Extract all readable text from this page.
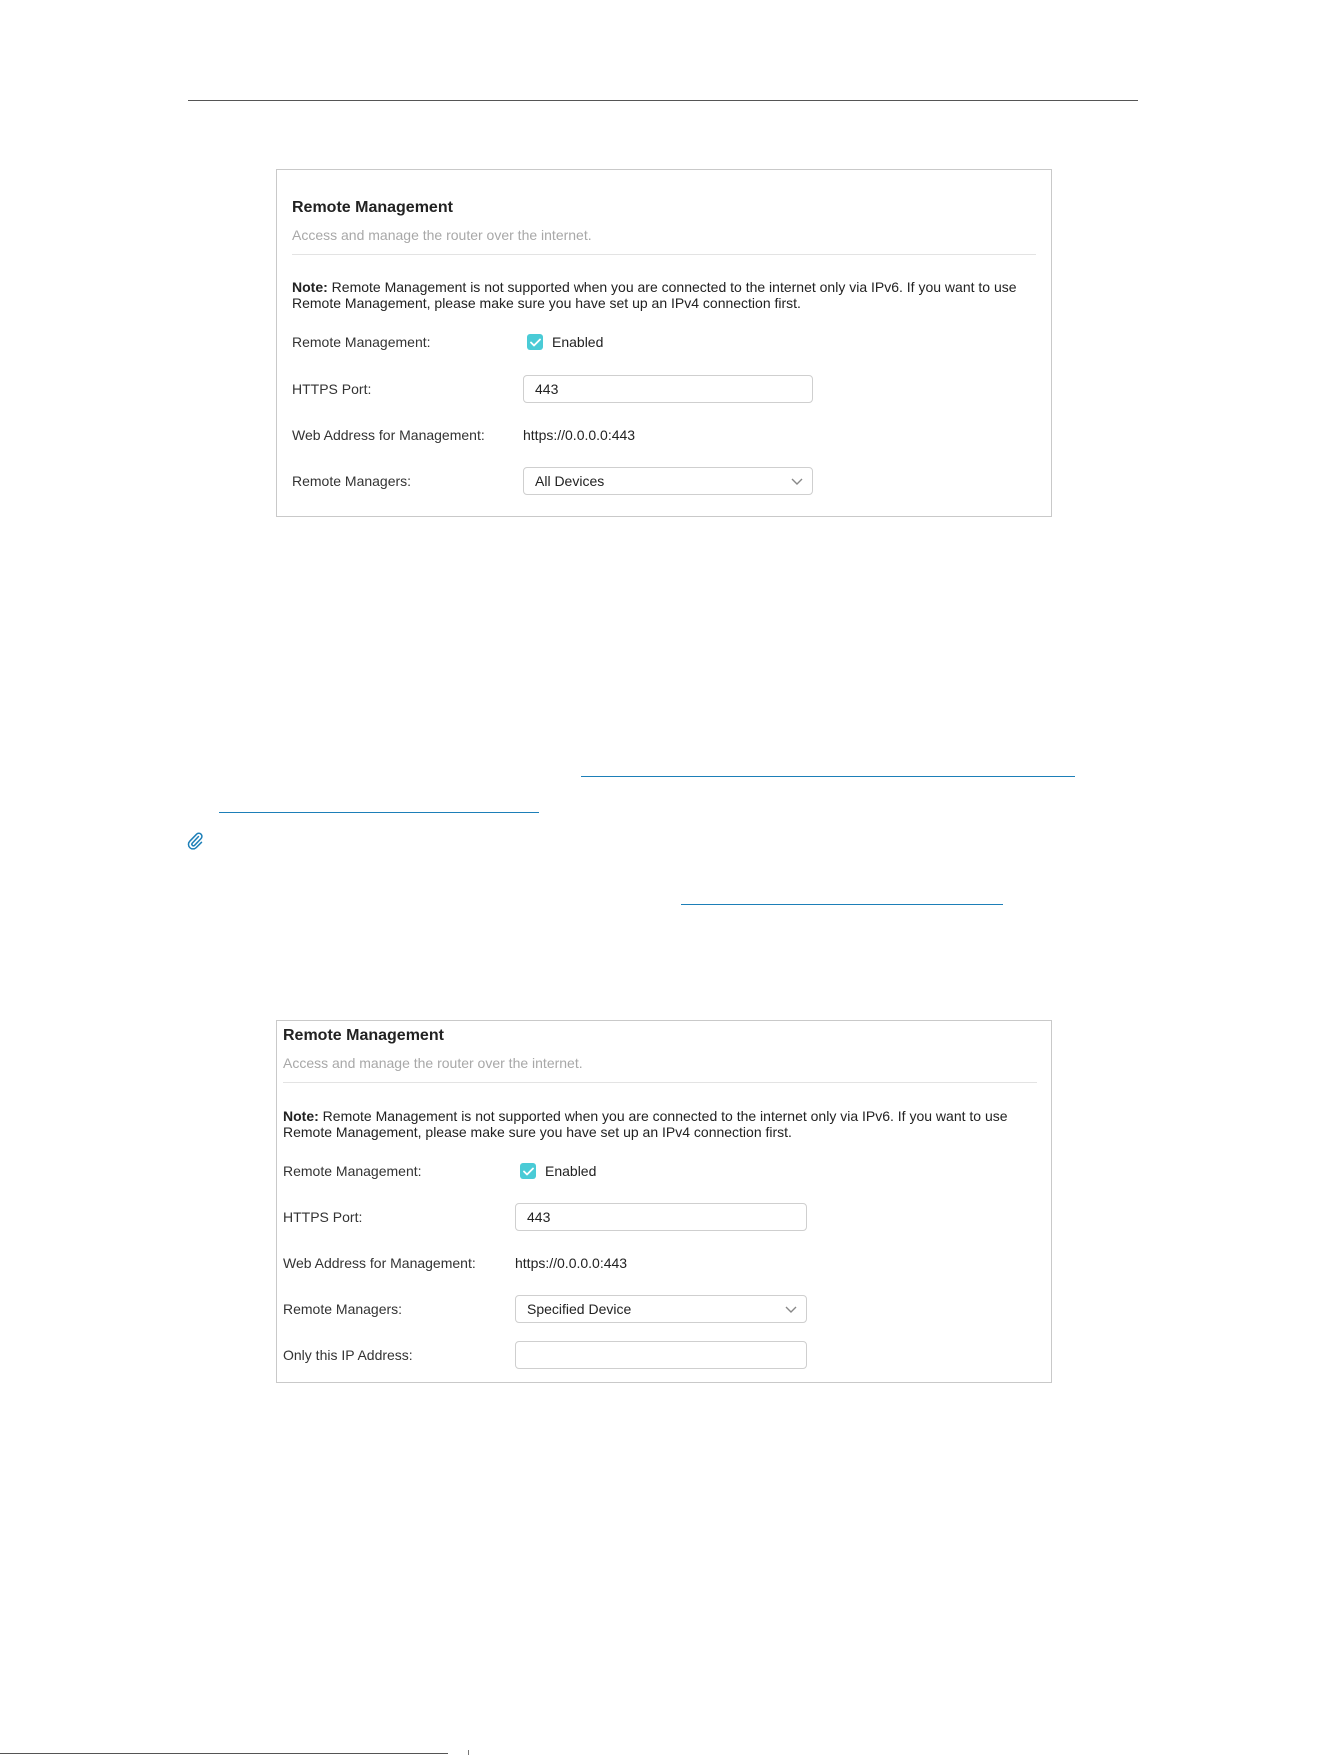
Remote Management
Access and manage the router over the internet.
Note: Remote Management is not supported when you are connected to the internet only via IPv6. If you want to use Remote Management, please make sure you have set up an IPv4 connection first.
Remote Management:	Enabled
HTTPS Port:	443
Web Address for Management:	https://0.0.0.0:443
Remote Managers:	All Devices
Remote Management
Access and manage the router over the internet.
Note: Remote Management is not supported when you are connected to the internet only via IPv6. If you want to use Remote Management, please make sure you have set up an IPv4 connection first.
Remote Management:	Enabled
HTTPS Port:	443
Web Address for Management:	https://0.0.0.0:443
Remote Managers:	Specified Device
Only this IP Address:
